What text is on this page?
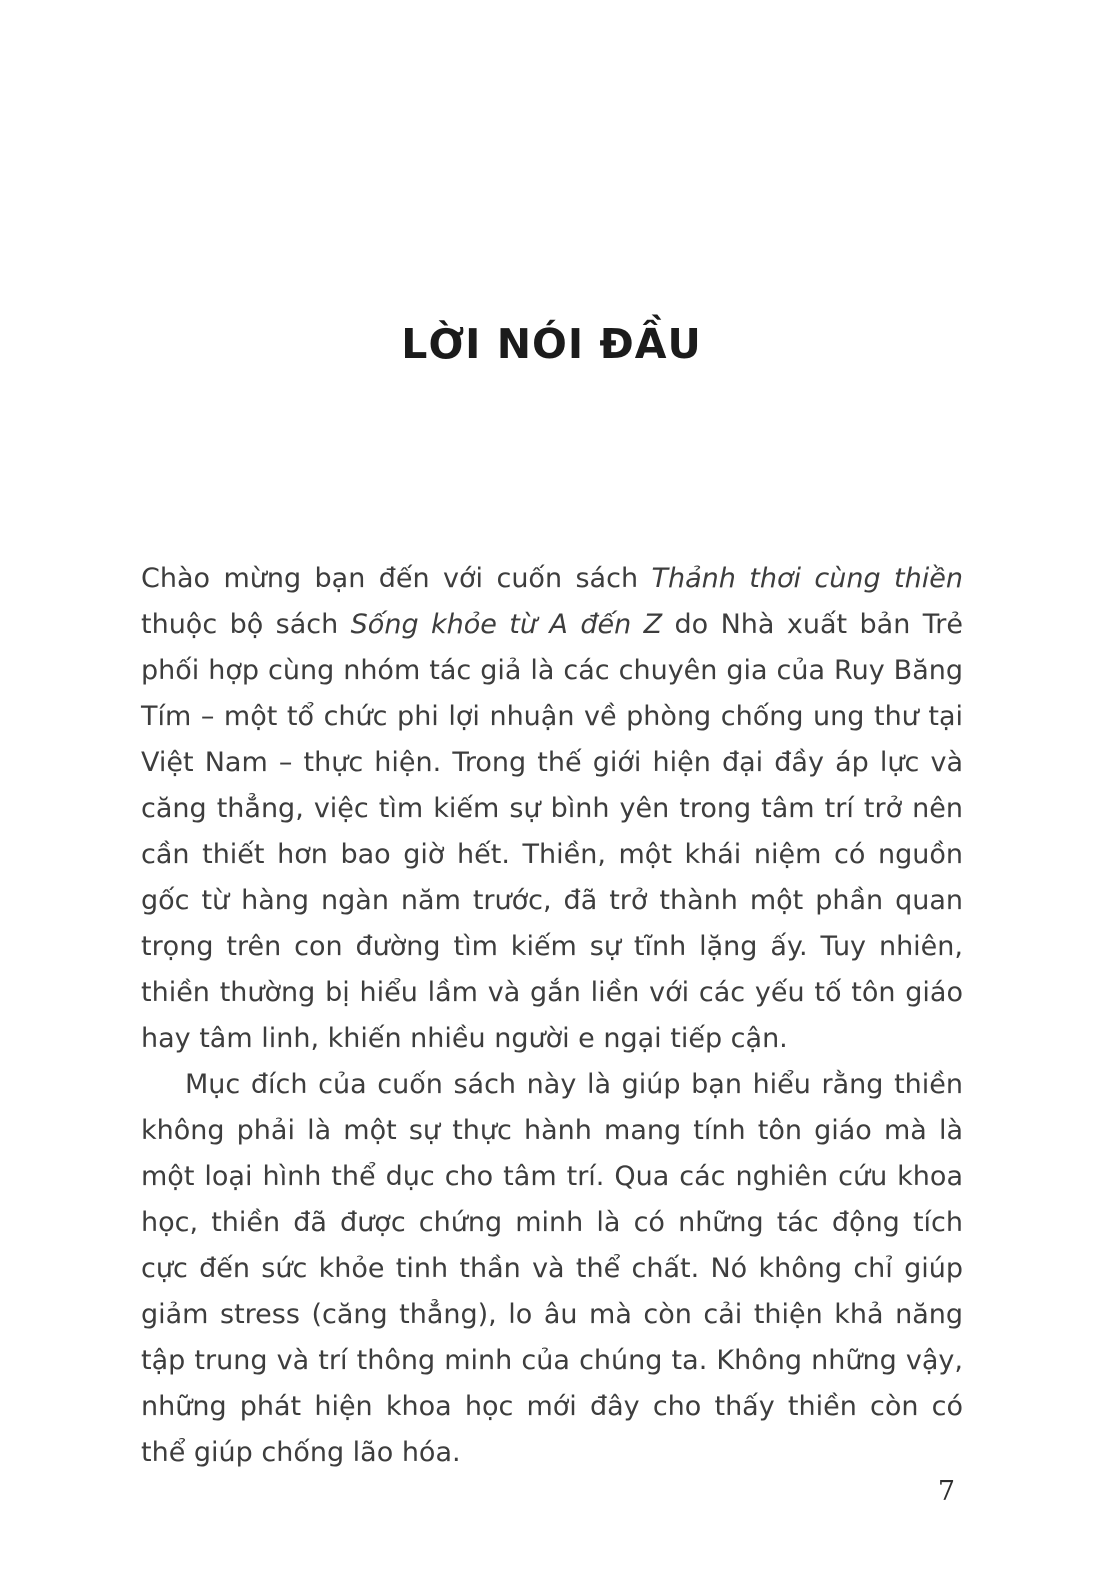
LỜI NÓI ĐẦU

Chào mừng bạn đến với cuốn sách Thảnh thơi cùng thiền thuộc bộ sách Sống khỏe từ A đến Z do Nhà xuất bản Trẻ phối hợp cùng nhóm tác giả là các chuyên gia của Ruy Băng Tím – một tổ chức phi lợi nhuận về phòng chống ung thư tại Việt Nam – thực hiện. Trong thế giới hiện đại đầy áp lực và căng thẳng, việc tìm kiếm sự bình yên trong tâm trí trở nên cần thiết hơn bao giờ hết. Thiền, một khái niệm có nguồn gốc từ hàng ngàn năm trước, đã trở thành một phần quan trọng trên con đường tìm kiếm sự tĩnh lặng ấy. Tuy nhiên, thiền thường bị hiểu lầm và gắn liền với các yếu tố tôn giáo hay tâm linh, khiến nhiều người e ngại tiếp cận.

Mục đích của cuốn sách này là giúp bạn hiểu rằng thiền không phải là một sự thực hành mang tính tôn giáo mà là một loại hình thể dục cho tâm trí. Qua các nghiên cứu khoa học, thiền đã được chứng minh là có những tác động tích cực đến sức khỏe tinh thần và thể chất. Nó không chỉ giúp giảm stress (căng thẳng), lo âu mà còn cải thiện khả năng tập trung và trí thông minh của chúng ta. Không những vậy, những phát hiện khoa học mới đây cho thấy thiền còn có thể giúp chống lão hóa.

7
